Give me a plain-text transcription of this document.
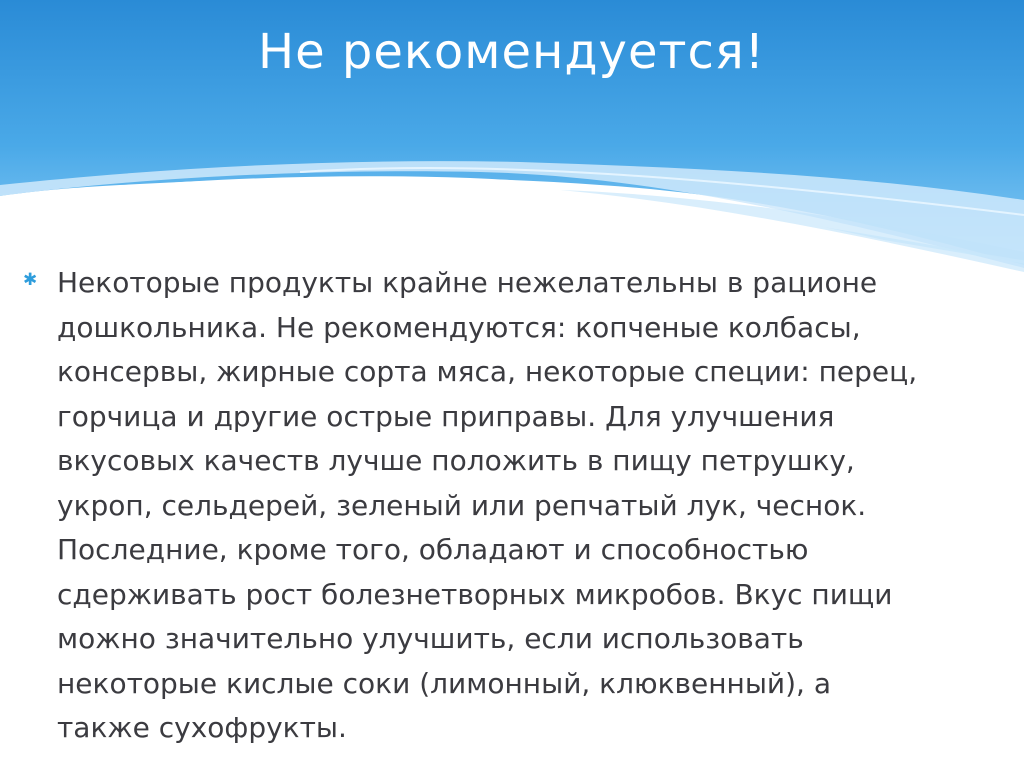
Не рекомендуется!
✱ Некоторые продукты крайне нежелательны в рационе
дошкольника. Не рекомендуются: копченые колбасы,
консервы, жирные сорта мяса, некоторые специи: перец,
горчица и другие острые приправы. Для улучшения
вкусовых качеств лучше положить в пищу петрушку,
укроп, сельдерей, зеленый или репчатый лук, чеснок.
Последние, кроме того, обладают и способностью
сдерживать рост болезнетворных микробов. Вкус пищи
можно значительно улучшить, если использовать
некоторые кислые соки (лимонный, клюквенный), а
также сухофрукты.
